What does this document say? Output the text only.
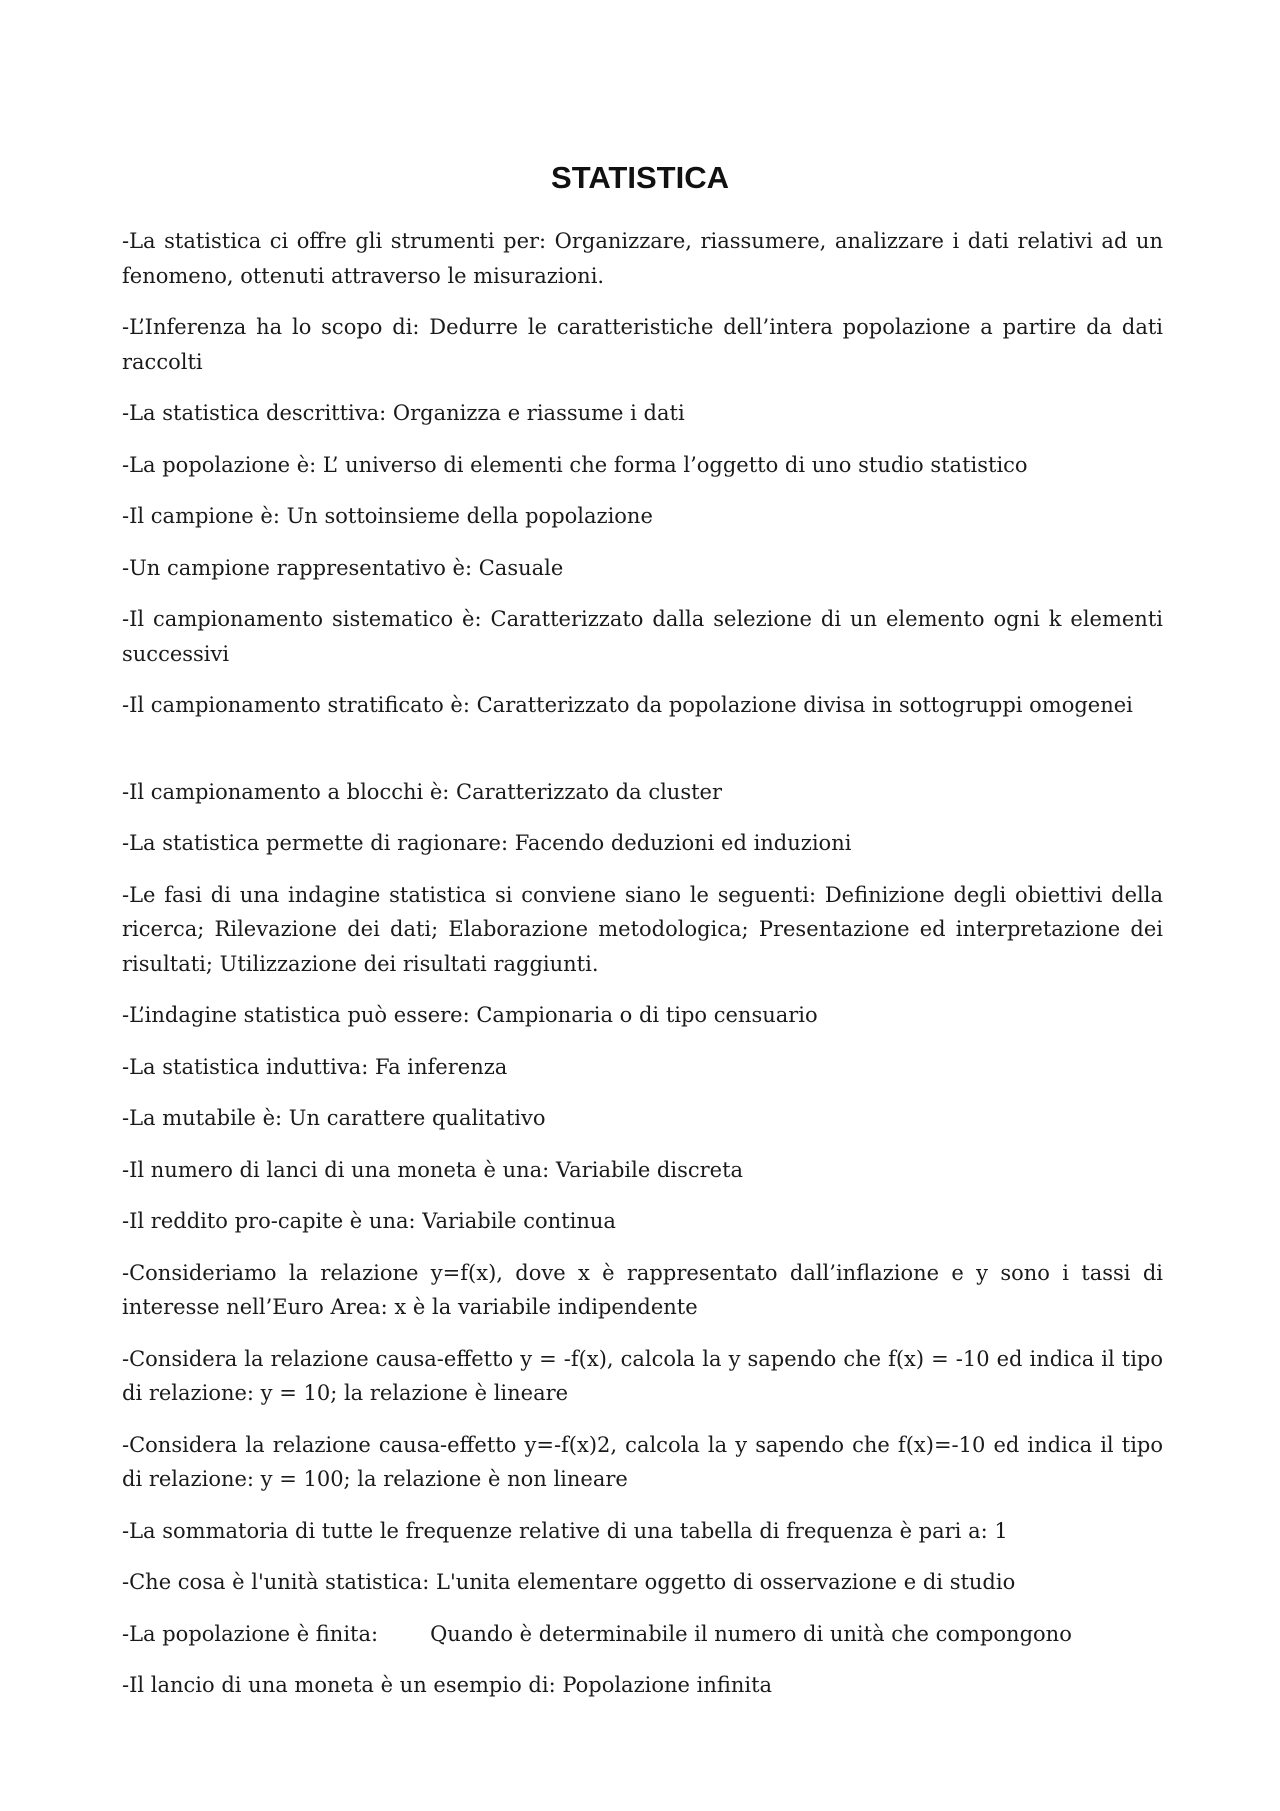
STATISTICA

-La statistica ci offre gli strumenti per: Organizzare, riassumere, analizzare i dati relativi ad un fenomeno, ottenuti attraverso le misurazioni.

-L’Inferenza ha lo scopo di: Dedurre le caratteristiche dell’intera popolazione a partire da dati raccolti

-La statistica descrittiva: Organizza e riassume i dati

-La popolazione è: L’ universo di elementi che forma l’oggetto di uno studio statistico

-Il campione è: Un sottoinsieme della popolazione

-Un campione rappresentativo è: Casuale

-Il campionamento sistematico è: Caratterizzato dalla selezione di un elemento ogni k elementi successivi

-Il campionamento stratificato è: Caratterizzato da popolazione divisa in sottogruppi omogenei

-Il campionamento a blocchi è: Caratterizzato da cluster

-La statistica permette di ragionare: Facendo deduzioni ed induzioni

-Le fasi di una indagine statistica si conviene siano le seguenti: Definizione degli obiettivi della ricerca; Rilevazione dei dati; Elaborazione metodologica; Presentazione ed interpretazione dei risultati; Utilizzazione dei risultati raggiunti.

-L’indagine statistica può essere: Campionaria o di tipo censuario

-La statistica induttiva: Fa inferenza

-La mutabile è: Un carattere qualitativo

-Il numero di lanci di una moneta è una: Variabile discreta

-Il reddito pro-capite è una: Variabile continua

-Consideriamo la relazione y=f(x), dove x è rappresentato dall’inflazione e y sono i tassi di interesse nell’Euro Area: x è la variabile indipendente

-Considera la relazione causa-effetto y = -f(x), calcola la y sapendo che f(x) = -10 ed indica il tipo di relazione: y = 10; la relazione è lineare

-Considera la relazione causa-effetto y=-f(x)2, calcola la y sapendo che f(x)=-10 ed indica il tipo di relazione: y = 100; la relazione è non lineare

-La sommatoria di tutte le frequenze relative di una tabella di frequenza è pari a: 1

-Che cosa è l'unità statistica: L'unita elementare oggetto di osservazione e di studio

-La popolazione è finita: Quando è determinabile il numero di unità che compongono

-Il lancio di una moneta è un esempio di: Popolazione infinita
